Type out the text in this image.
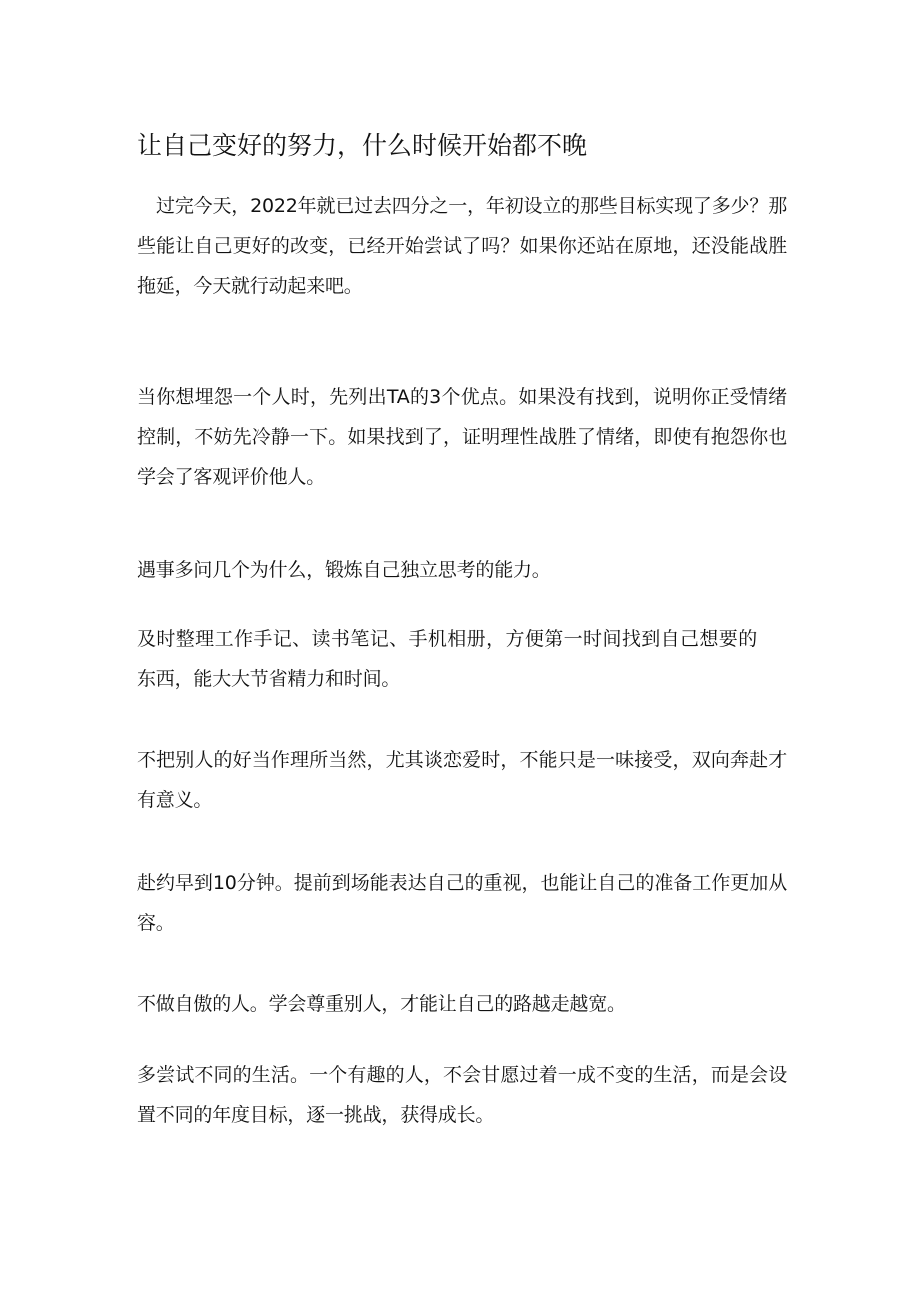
让自己变好的努力，什么时候开始都不晚

过完今天，2022年就已过去四分之一，年初设立的那些目标实现了多少？那些能让自己更好的改变，已经开始尝试了吗？如果你还站在原地，还没能战胜拖延，今天就行动起来吧。

当你想埋怨一个人时，先列出TA的3个优点。如果没有找到，说明你正受情绪控制，不妨先冷静一下。如果找到了，证明理性战胜了情绪，即使有抱怨你也学会了客观评价他人。

遇事多问几个为什么，锻炼自己独立思考的能力。

及时整理工作手记、读书笔记、手机相册，方便第一时间找到自己想要的东西，能大大节省精力和时间。

不把别人的好当作理所当然，尤其谈恋爱时，不能只是一味接受，双向奔赴才有意义。

赴约早到10分钟。提前到场能表达自己的重视，也能让自己的准备工作更加从容。

不做自傲的人。学会尊重别人，才能让自己的路越走越宽。

多尝试不同的生活。一个有趣的人，不会甘愿过着一成不变的生活，而是会设置不同的年度目标，逐一挑战，获得成长。
